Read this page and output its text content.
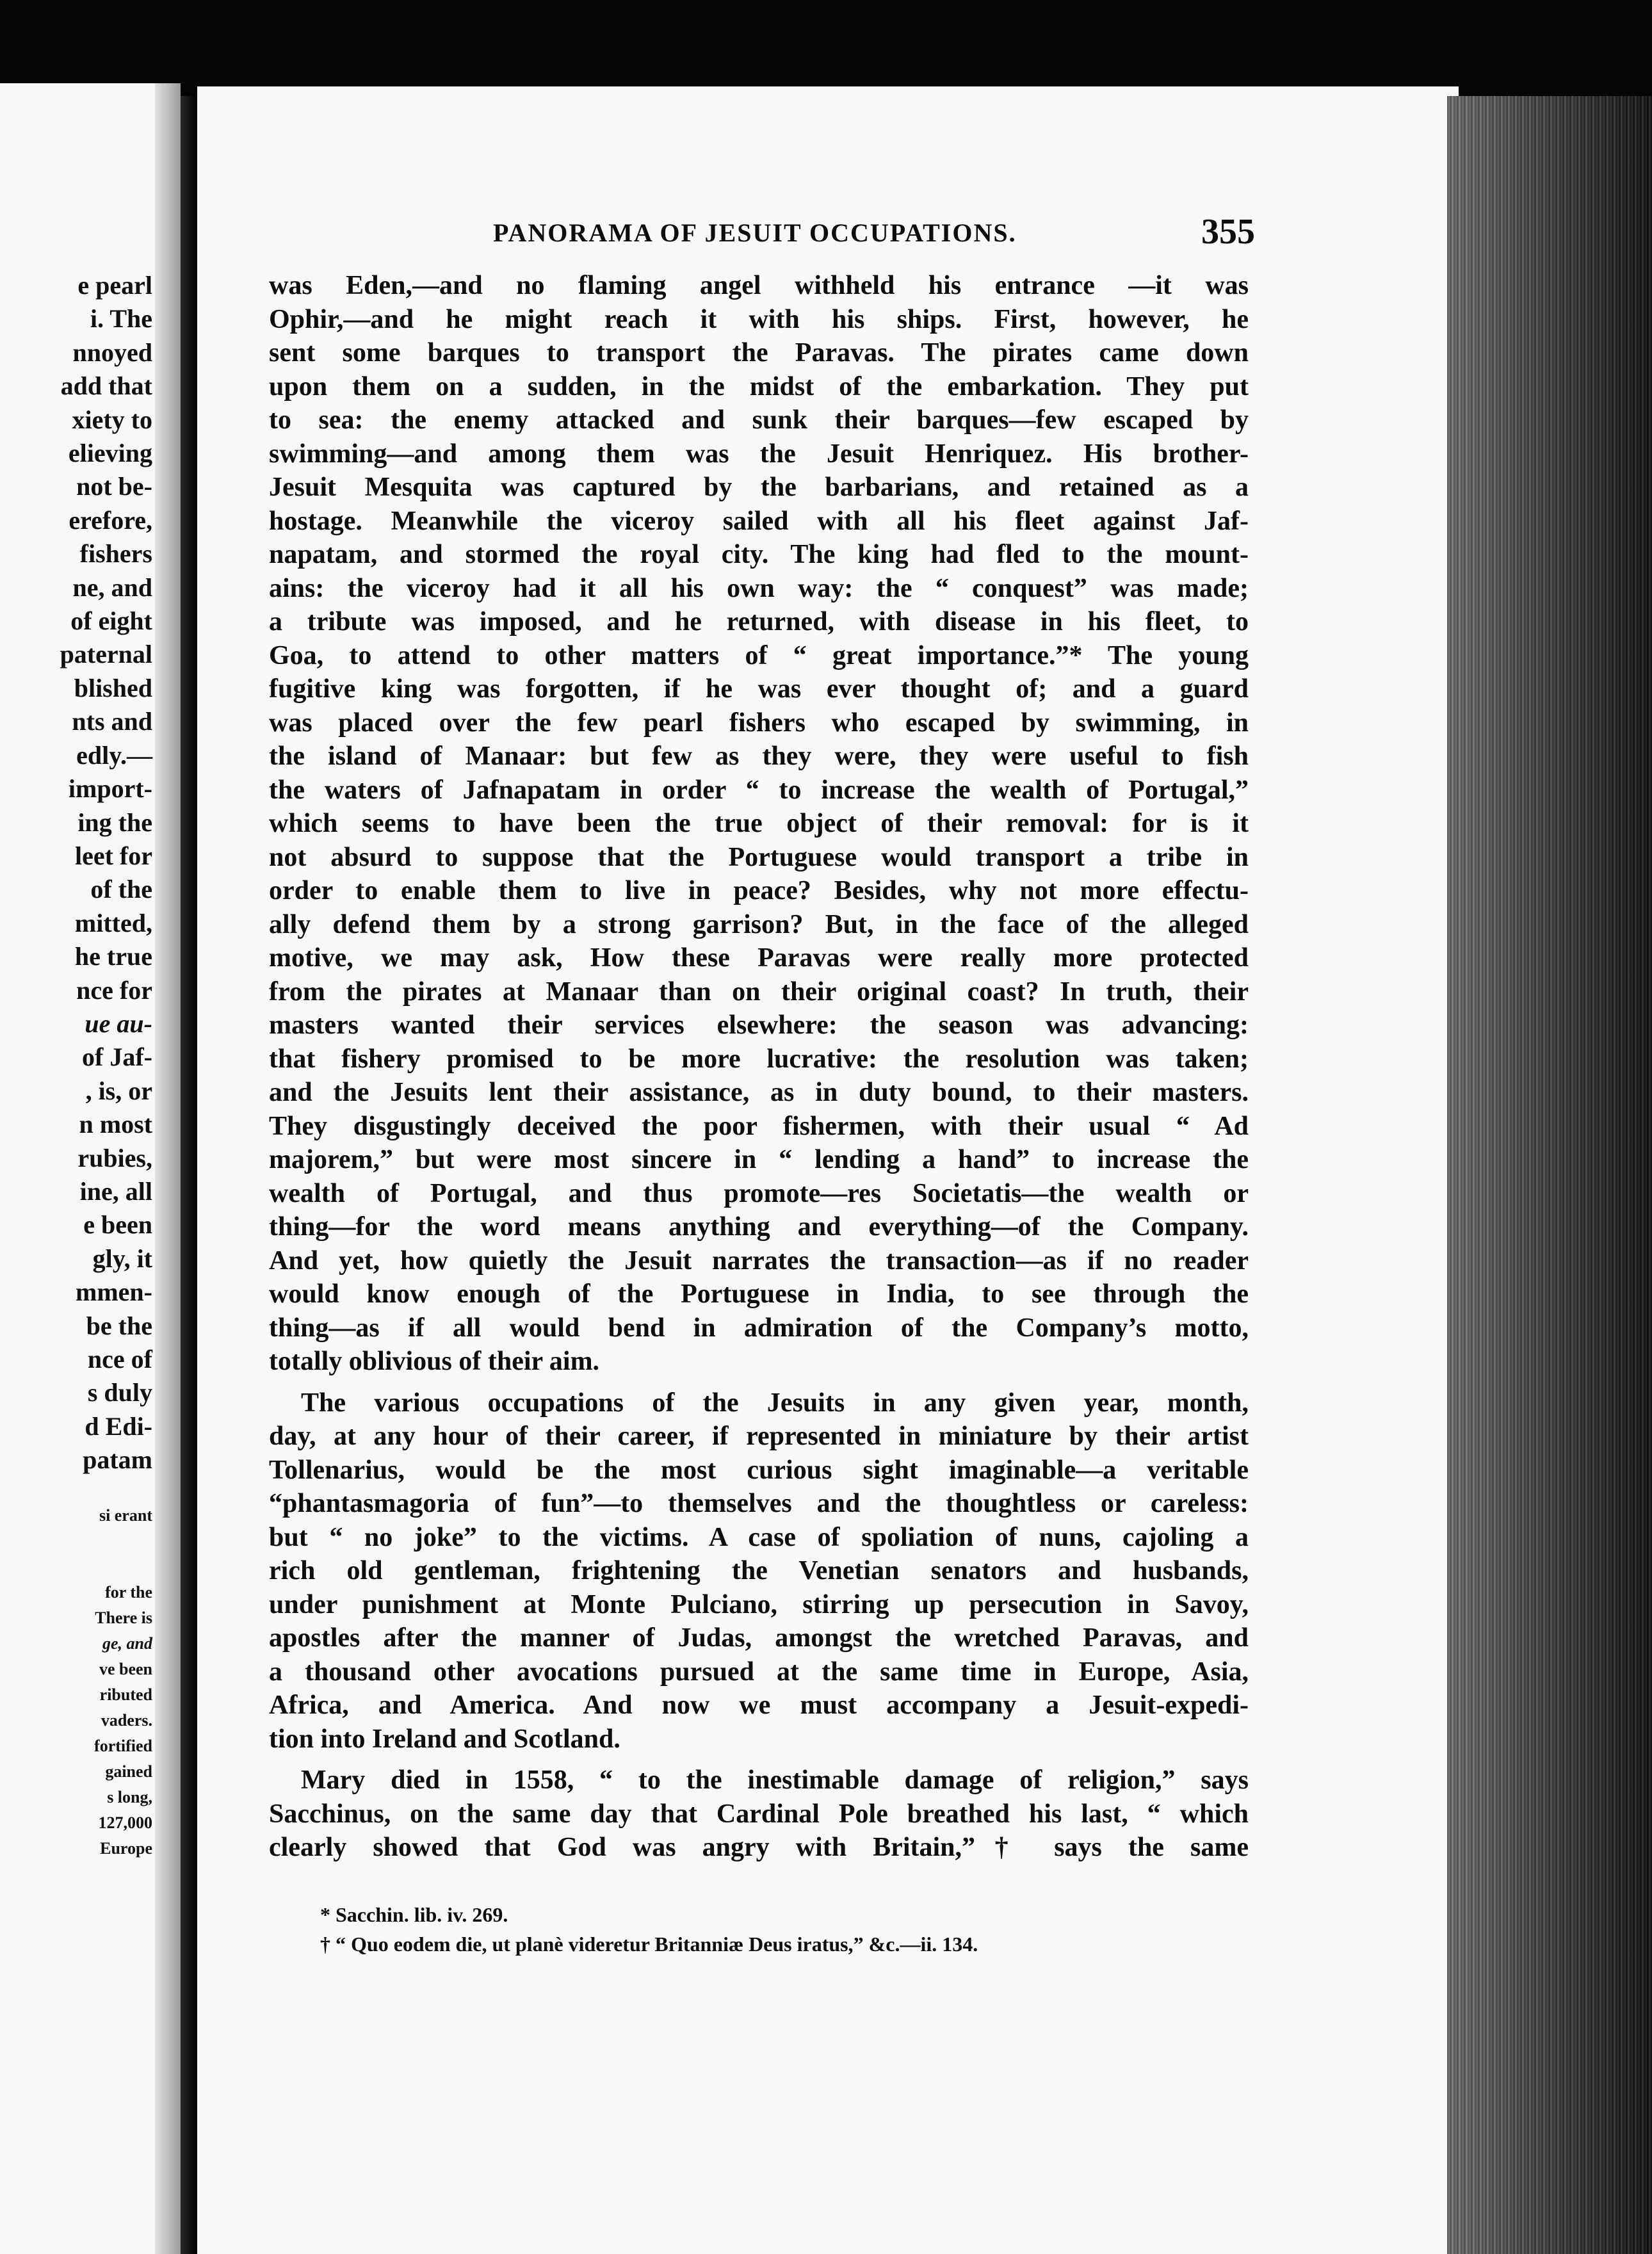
e pearl
i. The
nnoyed
add that
xiety to
elieving
not be-
erefore,
fishers
ne, and
of eight
paternal
blished
nts and
edly.—
import-
ing the
leet for
of the
mitted,
he true
nce for
ue au-
of Jaf-
, is, or
n most
rubies,
ine, all
e been
gly, it
mmen-
be the
nce of
s duly
d Edi-
patam
si erant
for the
There is
ge, and
ve been
ributed
vaders.
fortified
gained
s long,
127,000
Europe
PANORAMA OF JESUIT OCCUPATIONS.	355
was Eden,—and no flaming angel withheld his entrance —it was
Ophir,—and he might reach it with his ships. First, however, he
sent some barques to transport the Paravas. The pirates came down
upon them on a sudden, in the midst of the embarkation. They put
to sea: the enemy attacked and sunk their barques—few escaped by
swimming—and among them was the Jesuit Henriquez. His brother-
Jesuit Mesquita was captured by the barbarians, and retained as a
hostage. Meanwhile the viceroy sailed with all his fleet against Jaf-
napatam, and stormed the royal city. The king had fled to the mount-
ains: the viceroy had it all his own way: the “ conquest” was made;
a tribute was imposed, and he returned, with disease in his fleet, to
Goa, to attend to other matters of “ great importance.”* The young
fugitive king was forgotten, if he was ever thought of; and a guard
was placed over the few pearl fishers who escaped by swimming, in
the island of Manaar: but few as they were, they were useful to fish
the waters of Jafnapatam in order “ to increase the wealth of Portugal,”
which seems to have been the true object of their removal: for is it
not absurd to suppose that the Portuguese would transport a tribe in
order to enable them to live in peace? Besides, why not more effectu-
ally defend them by a strong garrison? But, in the face of the alleged
motive, we may ask, How these Paravas were really more protected
from the pirates at Manaar than on their original coast? In truth, their
masters wanted their services elsewhere: the season was advancing:
that fishery promised to be more lucrative: the resolution was taken;
and the Jesuits lent their assistance, as in duty bound, to their masters.
They disgustingly deceived the poor fishermen, with their usual “ Ad
majorem,” but were most sincere in “ lending a hand” to increase the
wealth of Portugal, and thus promote—res Societatis—the wealth or
thing—for the word means anything and everything—of the Company.
And yet, how quietly the Jesuit narrates the transaction—as if no reader
would know enough of the Portuguese in India, to see through the
thing—as if all would bend in admiration of the Company’s motto,
totally oblivious of their aim.
The various occupations of the Jesuits in any given year, month,
day, at any hour of their career, if represented in miniature by their artist
Tollenarius, would be the most curious sight imaginable—a veritable
“phantasmagoria of fun”—to themselves and the thoughtless or careless:
but “ no joke” to the victims. A case of spoliation of nuns, cajoling a
rich old gentleman, frightening the Venetian senators and husbands,
under punishment at Monte Pulciano, stirring up persecution in Savoy,
apostles after the manner of Judas, amongst the wretched Paravas, and
a thousand other avocations pursued at the same time in Europe, Asia,
Africa, and America. And now we must accompany a Jesuit-expedi-
tion into Ireland and Scotland.
Mary died in 1558, “ to the inestimable damage of religion,” says
Sacchinus, on the same day that Cardinal Pole breathed his last, “ which
clearly showed that God was angry with Britain,”† says the same
* Sacchin. lib. iv. 269.
† “ Quo eodem die, ut planè videretur Britanniæ Deus iratus,” &c.—ii. 134.
